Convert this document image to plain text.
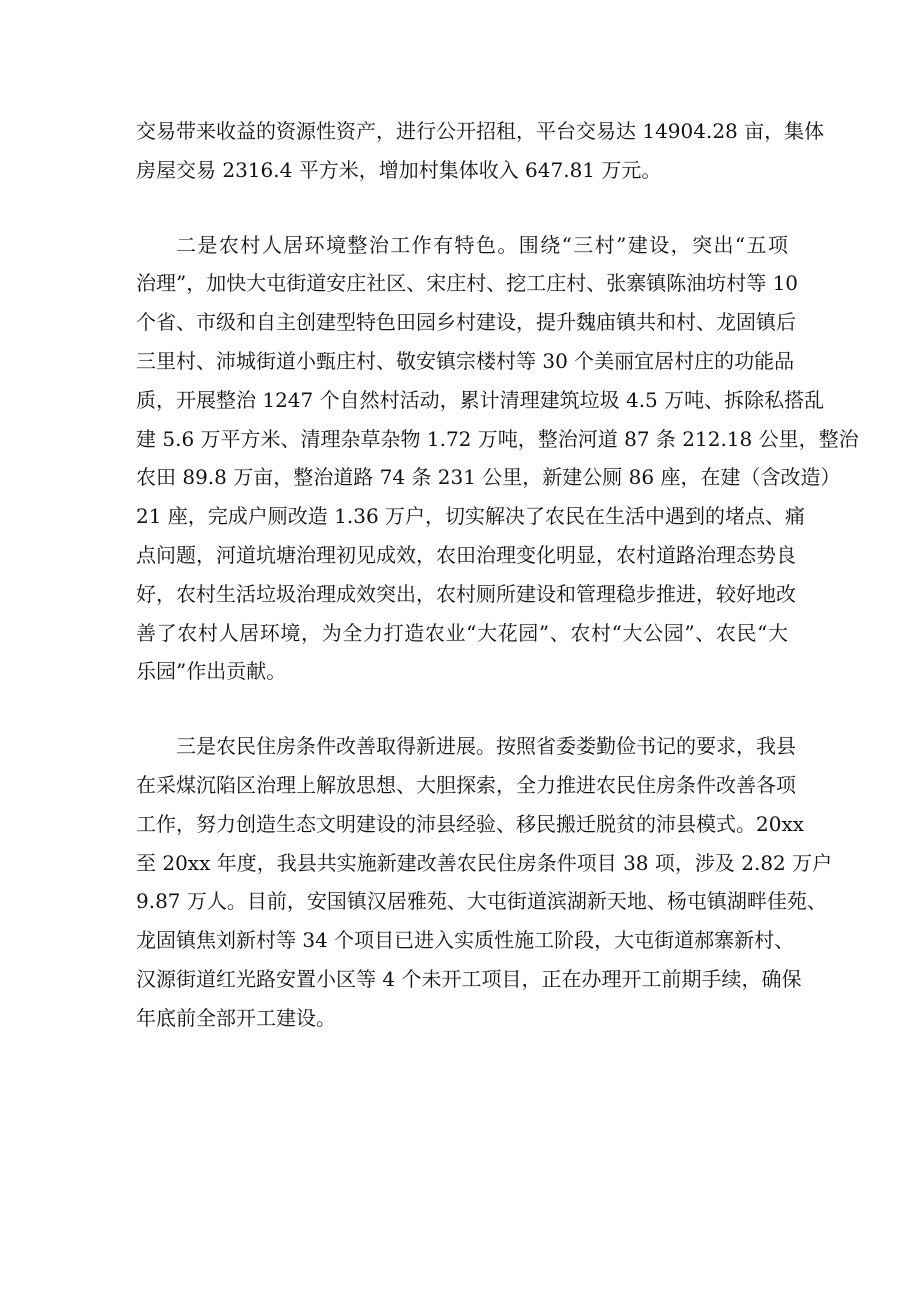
交易带来收益的资源性资产，进行公开招租，平台交易达 14904.28 亩，集体
房屋交易 2316.4 平方米，增加村集体收入 647.81 万元。
二是农村人居环境整治工作有特色。围绕“三村”建设，突出“五项
治理”，加快大屯街道安庄社区、宋庄村、挖工庄村、张寨镇陈油坊村等 10
个省、市级和自主创建型特色田园乡村建设，提升魏庙镇共和村、龙固镇后
三里村、沛城街道小甄庄村、敬安镇宗楼村等 30 个美丽宜居村庄的功能品
质，开展整治 1247 个自然村活动，累计清理建筑垃圾 4.5 万吨、拆除私搭乱
建 5.6 万平方米、清理杂草杂物 1.72 万吨，整治河道 87 条 212.18 公里，整治
农田 89.8 万亩，整治道路 74 条 231 公里，新建公厕 86 座，在建（含改造）
21 座，完成户厕改造 1.36 万户，切实解决了农民在生活中遇到的堵点、痛
点问题，河道坑塘治理初见成效，农田治理变化明显，农村道路治理态势良
好，农村生活垃圾治理成效突出，农村厕所建设和管理稳步推进，较好地改
善了农村人居环境，为全力打造农业“大花园”、农村“大公园”、农民“大
乐园”作出贡献。
三是农民住房条件改善取得新进展。按照省委娄勤俭书记的要求，我县
在采煤沉陷区治理上解放思想、大胆探索，全力推进农民住房条件改善各项
工作，努力创造生态文明建设的沛县经验、移民搬迁脱贫的沛县模式。20xx
至 20xx 年度，我县共实施新建改善农民住房条件项目 38 项，涉及 2.82 万户
9.87 万人。目前，安国镇汉居雅苑、大屯街道滨湖新天地、杨屯镇湖畔佳苑、
龙固镇焦刘新村等 34 个项目已进入实质性施工阶段，大屯街道郝寨新村、
汉源街道红光路安置小区等 4 个未开工项目，正在办理开工前期手续，确保
年底前全部开工建设。
